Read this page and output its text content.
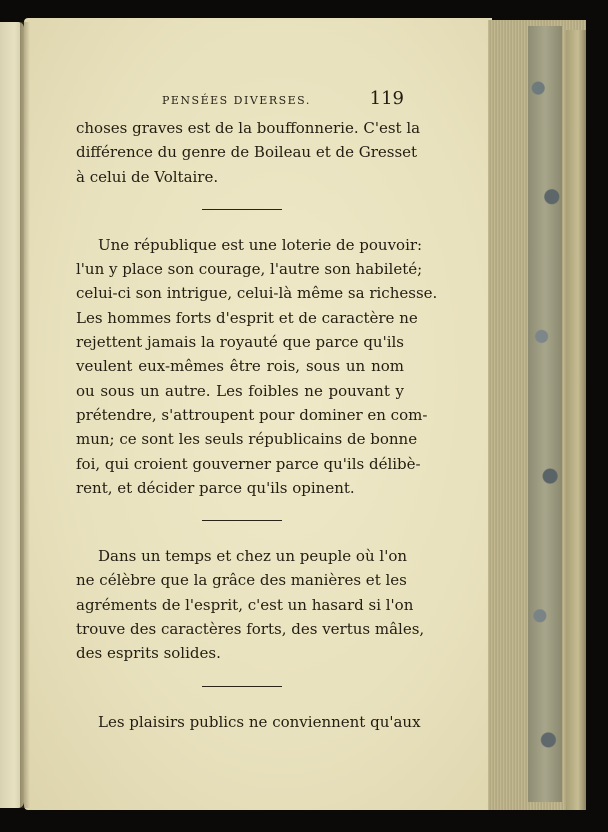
PENSÉES DIVERSES.	119
choses graves est de la bouffonnerie. C'est la
différence du genre de Boileau et de Gresset
à celui de Voltaire.
Une république est une loterie de pouvoir:
l'un y place son courage, l'autre son habileté;
celui-ci son intrigue, celui-là même sa richesse.
Les hommes forts d'esprit et de caractère ne
rejettent jamais la royauté que parce qu'ils
veulent eux-mêmes être rois, sous un nom
ou sous un autre. Les foibles ne pouvant y
prétendre, s'attroupent pour dominer en com-
mun; ce sont les seuls républicains de bonne
foi, qui croient gouverner parce qu'ils délibè-
rent, et décider parce qu'ils opinent.
Dans un temps et chez un peuple où l'on
ne célèbre que la grâce des manières et les
agréments de l'esprit, c'est un hasard si l'on
trouve des caractères forts, des vertus mâles,
des esprits solides.
Les plaisirs publics ne conviennent qu'aux
